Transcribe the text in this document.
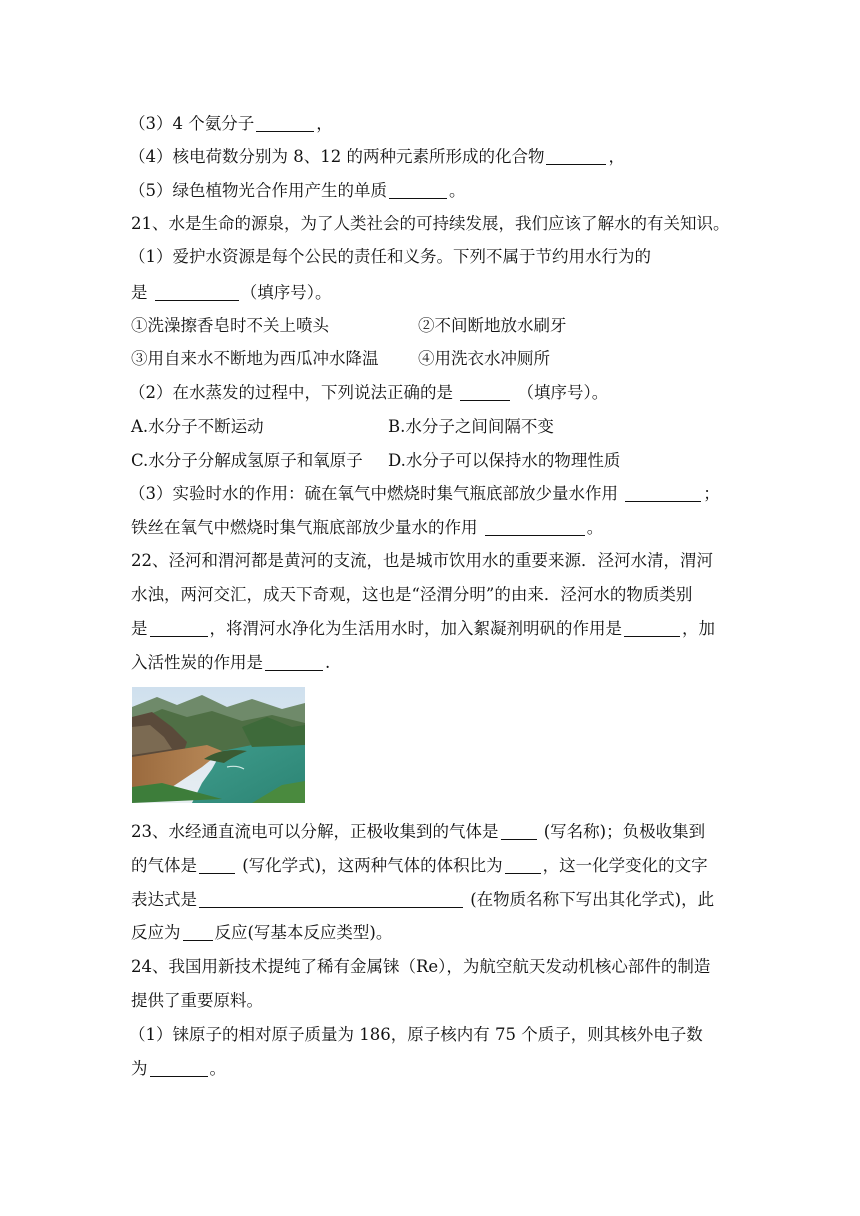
（3）4 个氨分子	，
（4）核电荷数分别为 8、12 的两种元素所形成的化合物	，
（5）绿色植物光合作用产生的单质	。
21、水是生命的源泉，为了人类社会的可持续发展，我们应该了解水的有关知识。
（1）爱护水资源是每个公民的责任和义务。下列不属于节约用水行为的
是	（填序号）。
①洗澡擦香皂时不关上喷头	②不间断地放水刷牙
③用自来水不断地为西瓜冲水降温 ④用洗衣水冲厕所
（2）在水蒸发的过程中，下列说法正确的是	（填序号）。
A.水分子不断运动	B.水分子之间间隔不变
C.水分子分解成氢原子和氧原子 D.水分子可以保持水的物理性质
（3）实验时水的作用：硫在氧气中燃烧时集气瓶底部放少量水作用	；
铁丝在氧气中燃烧时集气瓶底部放少量水的作用	。
22、泾河和渭河都是黄河的支流，也是城市饮用水的重要来源．泾河水清，渭河
水浊，两河交汇，成天下奇观，这也是“泾渭分明”的由来．泾河水的物质类别
是	，将渭河水净化为生活用水时，加入絮凝剂明矾的作用是	，加
入活性炭的作用是	.
23、水经通直流电可以分解，正极收集到的气体是	(写名称)；负极收集到
的气体是	(写化学式)，这两种气体的体积比为 ，这一化学变化的文字
表达式是	(在物质名称下写出其化学式)，此
反应为 反应(写基本反应类型)。
24、我国用新技术提纯了稀有金属铼（Re），为航空航天发动机核心部件的制造
提供了重要原料。
（1）铼原子的相对原子质量为 186，原子核内有 75 个质子，则其核外电子数
为	。
